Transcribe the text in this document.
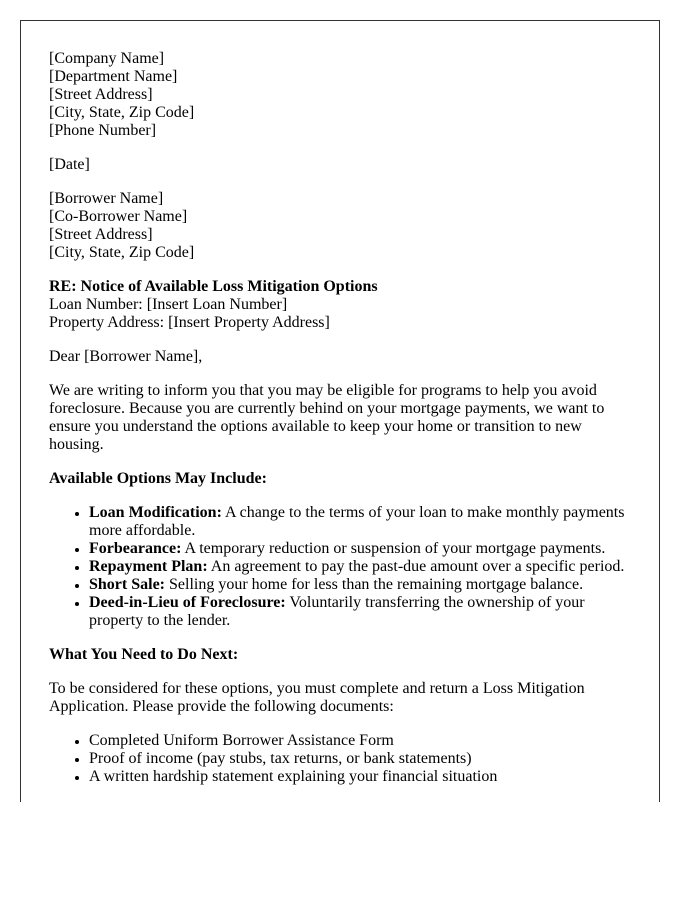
[Company Name]
[Department Name]
[Street Address]
[City, State, Zip Code]
[Phone Number]

[Date]

[Borrower Name]
[Co-Borrower Name]
[Street Address]
[City, State, Zip Code]
RE: Notice of Available Loss Mitigation Options
Loan Number: [Insert Loan Number]
Property Address: [Insert Property Address]

Dear [Borrower Name],

We are writing to inform you that you may be eligible for programs to help you avoid foreclosure. Because you are currently behind on your mortgage payments, we want to ensure you understand the options available to keep your home or transition to new housing.

Available Options May Include:
• Loan Modification: A change to the terms of your loan to make monthly payments more affordable.
• Forbearance: A temporary reduction or suspension of your mortgage payments.
• Repayment Plan: An agreement to pay the past-due amount over a specific period.
• Short Sale: Selling your home for less than the remaining mortgage balance.
• Deed-in-Lieu of Foreclosure: Voluntarily transferring the ownership of your property to the lender.
What You Need to Do Next:

To be considered for these options, you must complete and return a Loss Mitigation Application. Please provide the following documents:

• Completed Uniform Borrower Assistance Form
• Proof of income (pay stubs, tax returns, or bank statements)
• A written hardship statement explaining your financial situation
